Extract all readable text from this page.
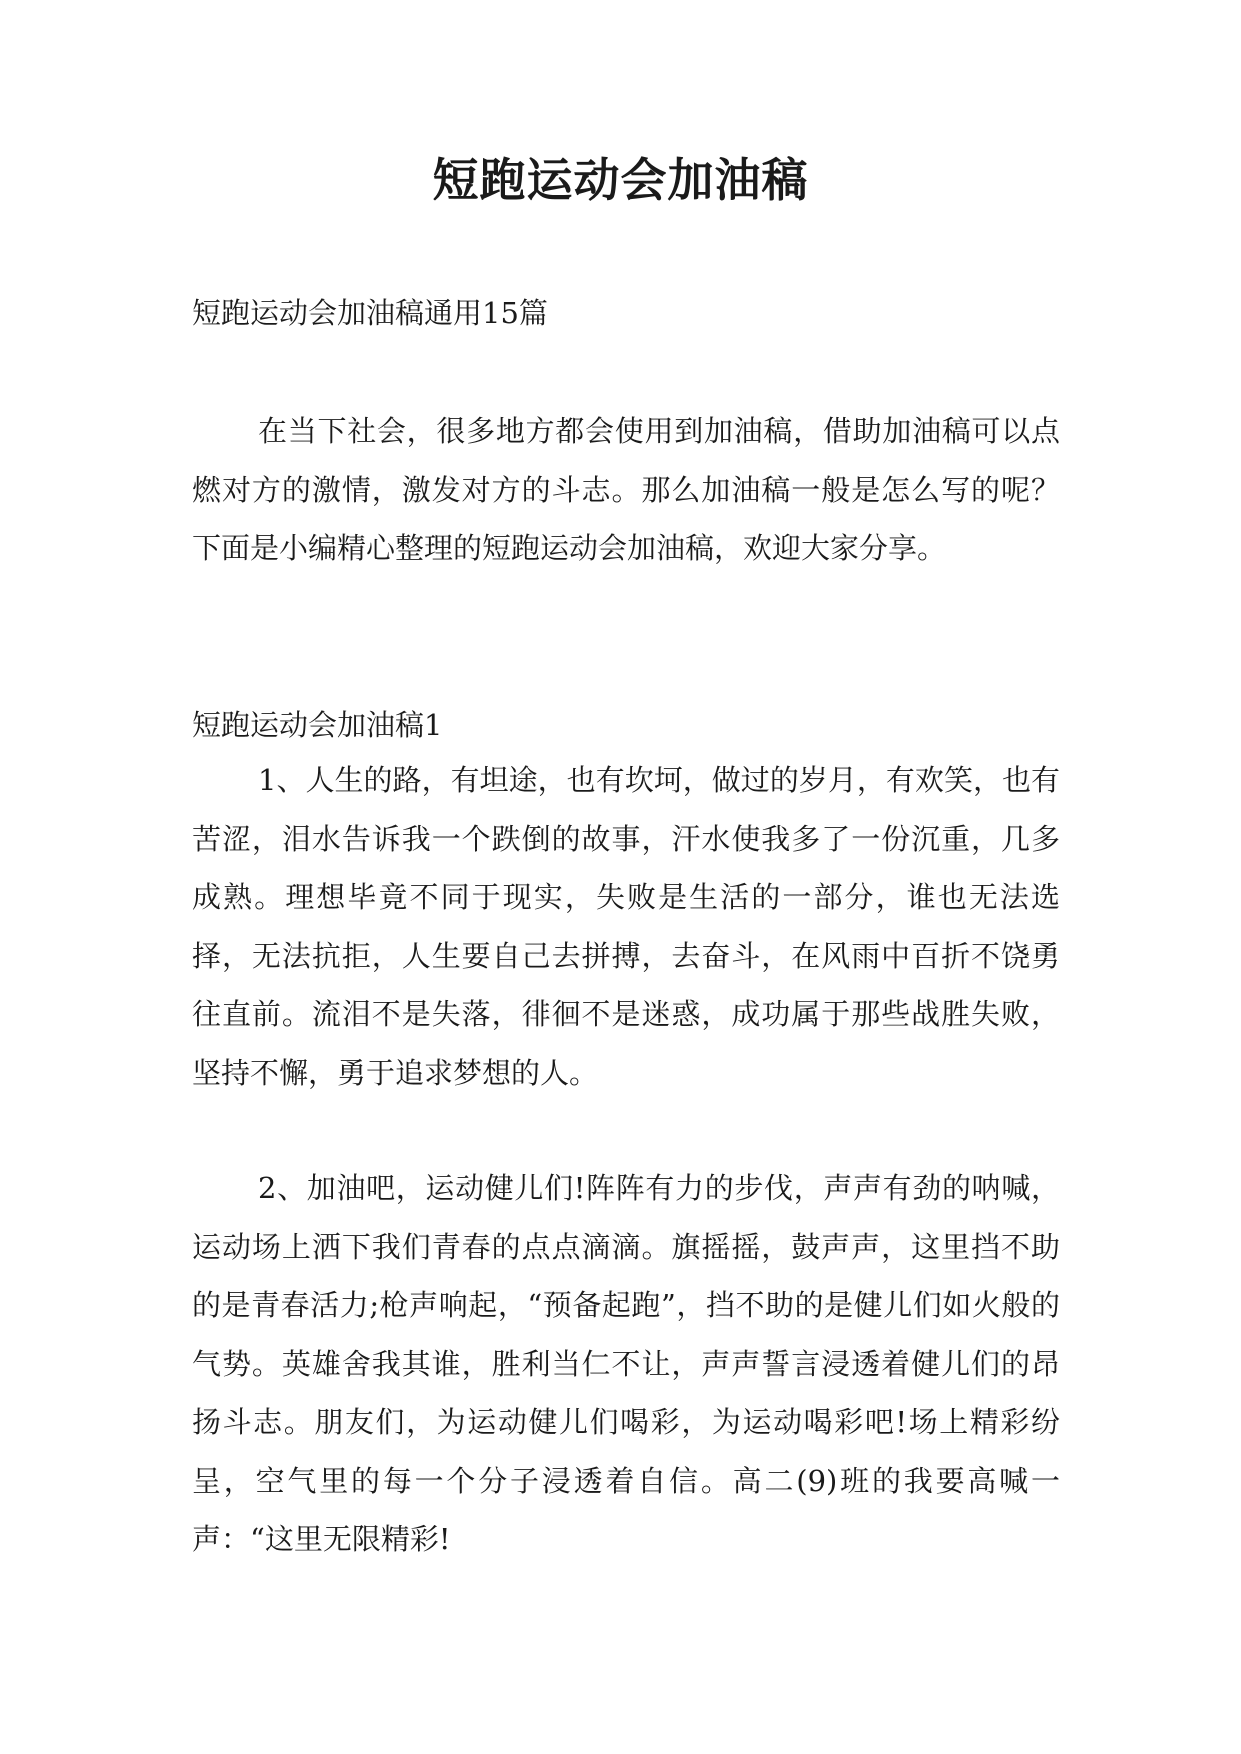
短跑运动会加油稿
短跑运动会加油稿通用15篇

在当下社会，很多地方都会使用到加油稿，借助加油稿可以点燃对方的激情，激发对方的斗志。那么加油稿一般是怎么写的呢？下面是小编精心整理的短跑运动会加油稿，欢迎大家分享。

短跑运动会加油稿1

1、人生的路，有坦途，也有坎坷，做过的岁月，有欢笑，也有苦涩，泪水告诉我一个跌倒的故事，汗水使我多了一份沉重，几多成熟。理想毕竟不同于现实，失败是生活的一部分，谁也无法选择，无法抗拒，人生要自己去拼搏，去奋斗，在风雨中百折不饶勇往直前。流泪不是失落，徘徊不是迷惑，成功属于那些战胜失败，坚持不懈，勇于追求梦想的人。

2、加油吧，运动健儿们!阵阵有力的步伐，声声有劲的呐喊，运动场上洒下我们青春的点点滴滴。旗摇摇，鼓声声，这里挡不助的是青春活力;枪声响起，“预备起跑”，挡不助的是健儿们如火般的气势。英雄舍我其谁，胜利当仁不让，声声誓言浸透着健儿们的昂扬斗志。朋友们，为运动健儿们喝彩，为运动喝彩吧!场上精彩纷呈，空气里的每一个分子浸透着自信。高二(9)班的我要高喊一声：“这里无限精彩!
